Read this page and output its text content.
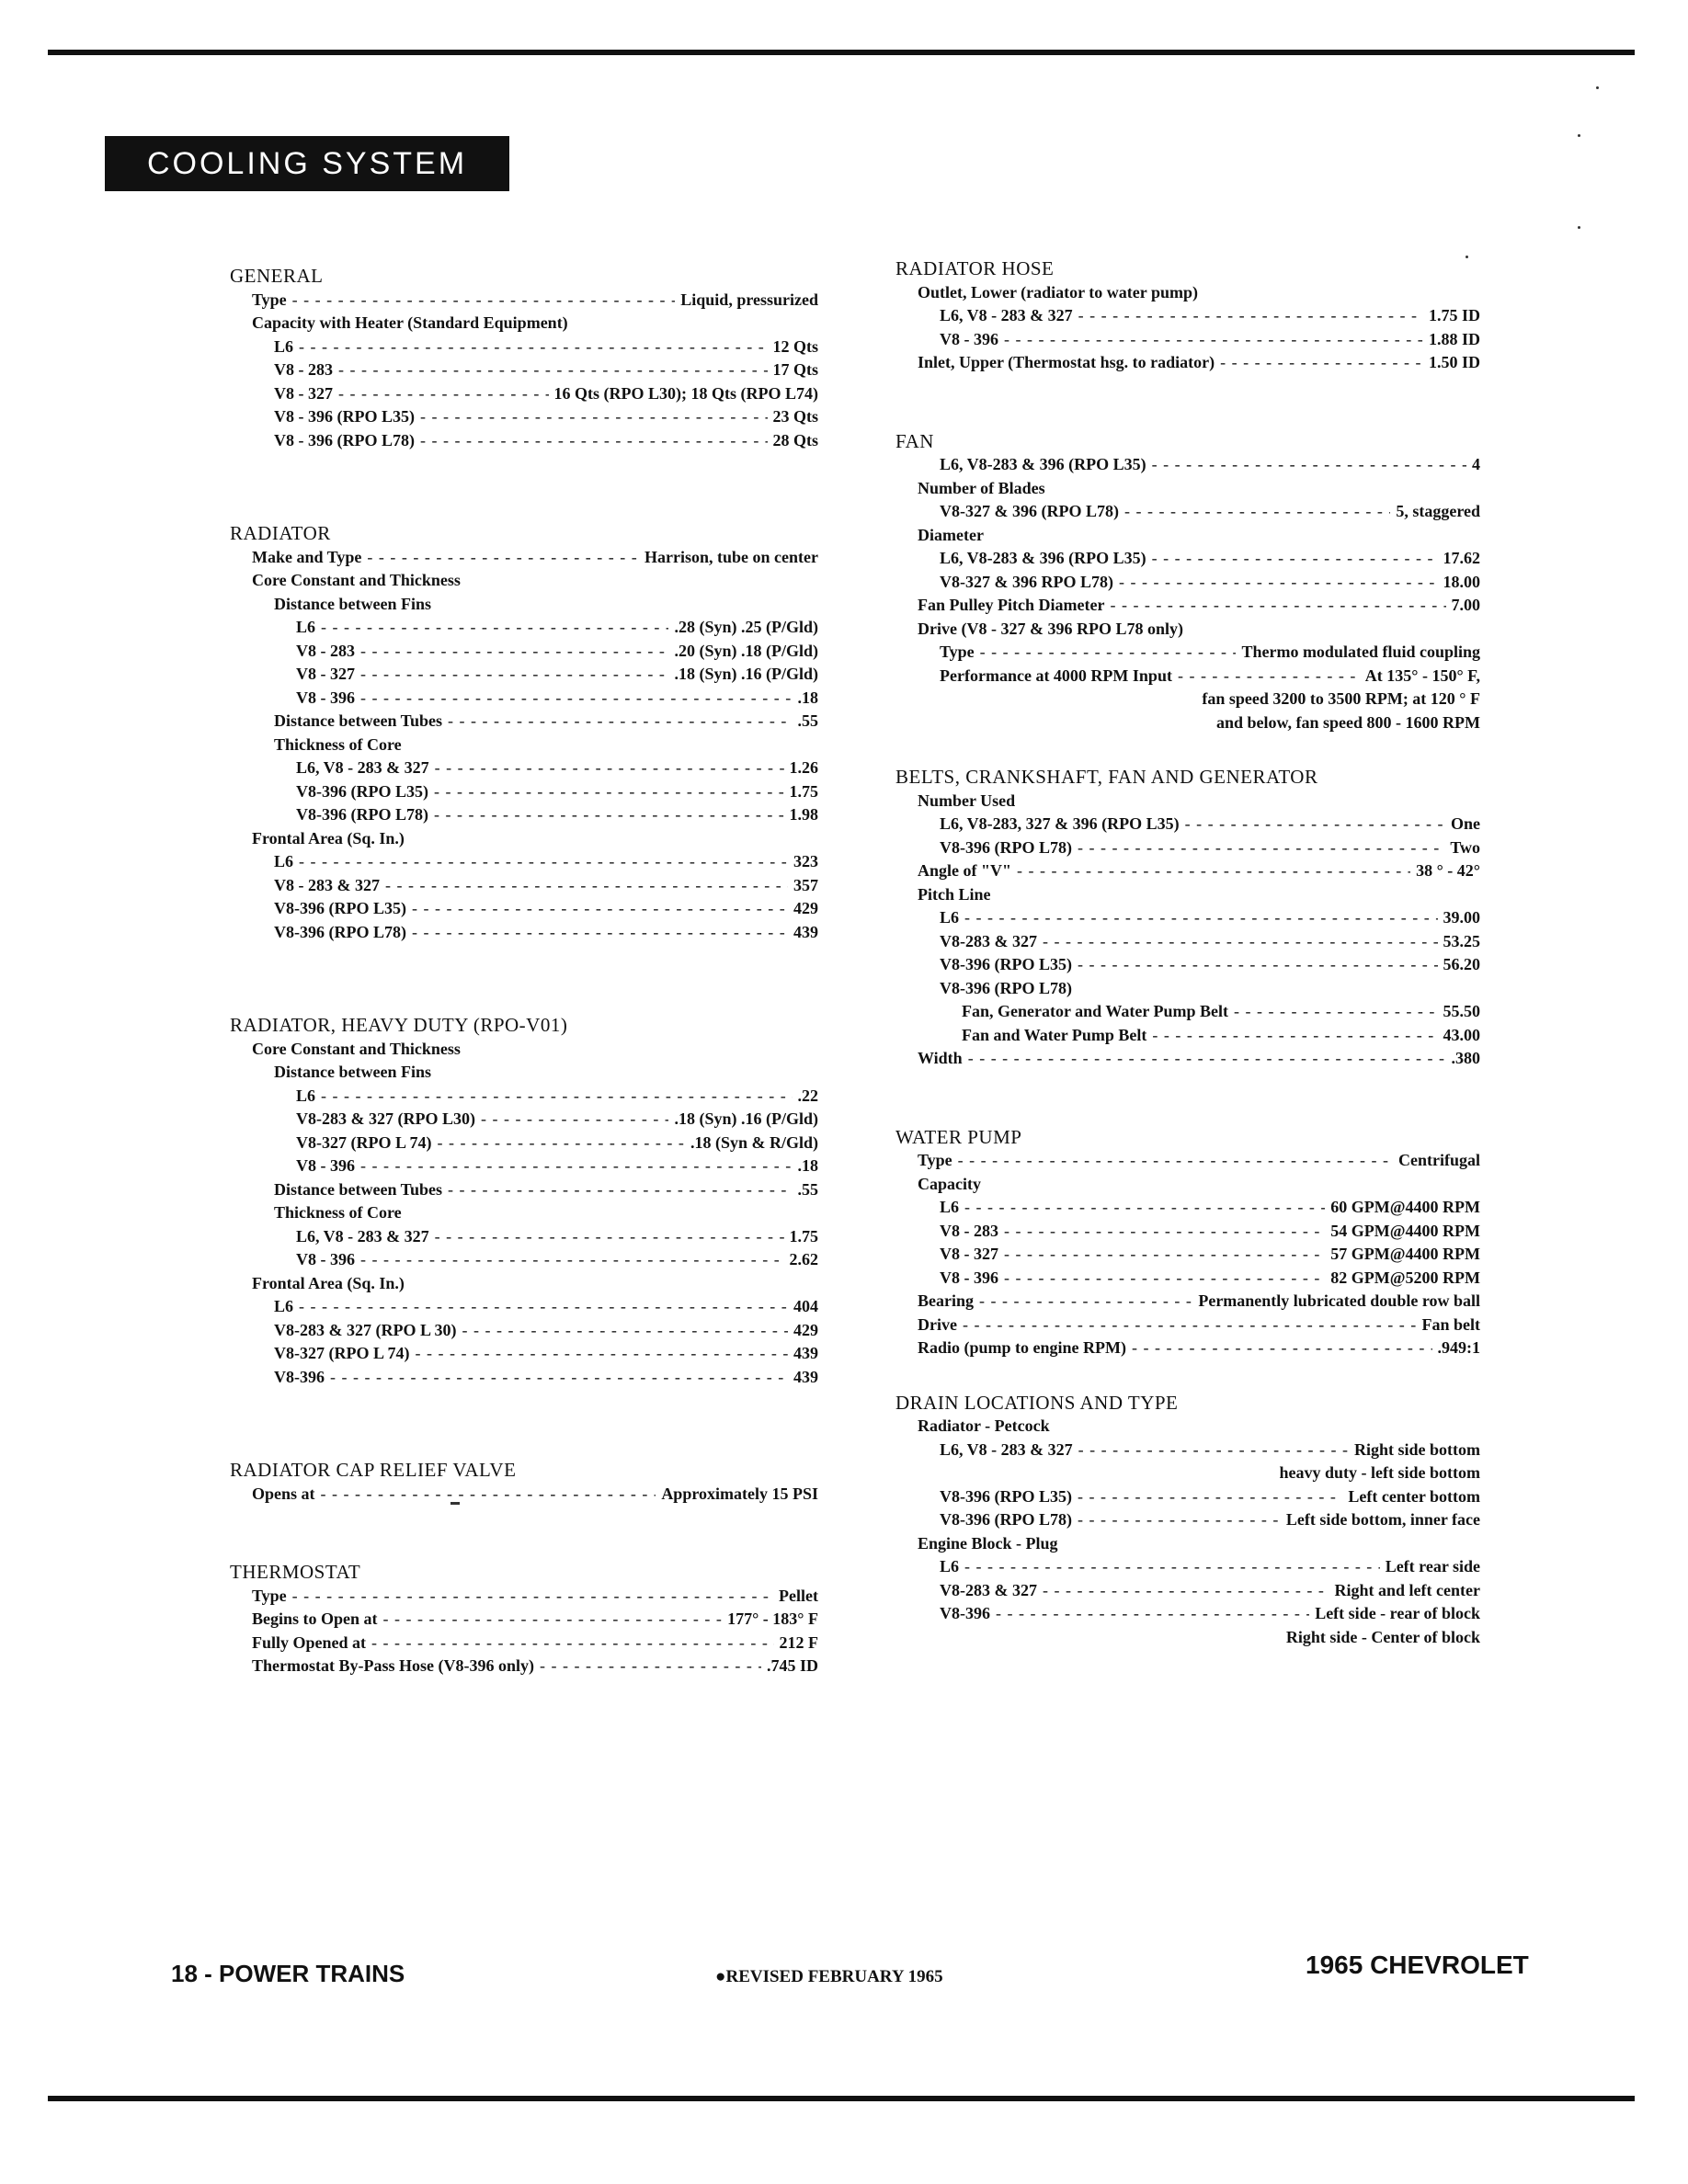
COOLING SYSTEM
GENERAL
Type - - -	Liquid, pressurized
Capacity with Heater (Standard Equipment)
L6 - - -	12 Qts
V8 - 283 - - -	17 Qts
V8 - 327 - - -	16 Qts (RPO L30); 18 Qts (RPO L74)
V8 - 396 (RPO L35) - - -	23 Qts
V8 - 396 (RPO L78) - - -	28 Qts
RADIATOR
Make and Type - - -	Harrison, tube on center
Core Constant and Thickness
Distance between Fins
L6 - - -	.28 (Syn) .25 (P/Gld)
V8 - 283 - - -	.20 (Syn) .18 (P/Gld)
V8 - 327 - - -	.18 (Syn) .16 (P/Gld)
V8 - 396 - - -	.18
Distance between Tubes - - -	.55
Thickness of Core
L6, V8 - 283 & 327 - - -	1.26
V8-396 (RPO L35) - - -	1.75
V8-396 (RPO L78) - - -	1.98
Frontal Area (Sq. In.)
L6 - - -	323
V8 - 283 & 327 - - -	357
V8-396 (RPO L35) - - -	429
V8-396 (RPO L78) - - -	439
RADIATOR, HEAVY DUTY (RPO-V01)
Core Constant and Thickness
Distance between Fins
L6 - - -	.22
V8-283 & 327 (RPO L30) - - -	.18 (Syn) .16 (P/Gld)
V8-327 (RPO L 74) - - -	.18 (Syn & R/Gld)
V8 - 396 - - -	.18
Distance between Tubes - - -	.55
Thickness of Core
L6, V8 - 283 & 327 - - -	1.75
V8 - 396 - - -	2.62
Frontal Area (Sq. In.)
L6 - - -	404
V8-283 & 327 (RPO L 30) - - -	429
V8-327 (RPO L 74) - - -	439
V8-396 - - -	439
RADIATOR CAP RELIEF VALVE
Opens at - - -	Approximately 15 PSI
THERMOSTAT
Type - - -	Pellet
Begins to Open at - - -	177° - 183° F
Fully Opened at - - -	212 F
Thermostat By-Pass Hose (V8-396 only) - - -	.745 ID
RADIATOR HOSE
Outlet, Lower (radiator to water pump)
L6, V8 - 283 & 327 - - -	1.75 ID
V8 - 396 - - -	1.88 ID
Inlet, Upper (Thermostat hsg. to radiator) - - -	1.50 ID
FAN
L6, V8-283 & 396 (RPO L35) - - -	4
Number of Blades
V8-327 & 396 (RPO L78) - - -	5, staggered
Diameter
L6, V8-283 & 396 (RPO L35) - - -	17.62
V8-327 & 396 RPO L78) - - -	18.00
Fan Pulley Pitch Diameter - - -	7.00
Drive (V8 - 327 & 396 RPO L78 only)
Type - - -	Thermo modulated fluid coupling
Performance at 4000 RPM Input - - -	At 135° - 150° F,
fan speed 3200 to 3500 RPM; at 120 ° F
and below, fan speed 800 - 1600 RPM
BELTS, CRANKSHAFT, FAN AND GENERATOR
Number Used
L6, V8-283, 327 & 396 (RPO L35) - - -	One
V8-396 (RPO L78) - - -	Two
Angle of "V" - - -	38 ° - 42°
Pitch Line
L6 - - -	39.00
V8-283 & 327 - - -	53.25
V8-396 (RPO L35) - - -	56.20
V8-396 (RPO L78)
Fan, Generator and Water Pump Belt - - -	55.50
Fan and Water Pump Belt - - -	43.00
Width - - -	.380
WATER PUMP
Type - - -	Centrifugal
Capacity
L6 - - -	60 GPM@4400 RPM
V8 - 283 - - -	54 GPM@4400 RPM
V8 - 327 - - -	57 GPM@4400 RPM
V8 - 396 - - -	82 GPM@5200 RPM
Bearing - - -	Permanently lubricated double row ball
Drive - - -	Fan belt
Radio (pump to engine RPM) - - -	.949:1
DRAIN LOCATIONS AND TYPE
Radiator - Petcock
L6, V8 - 283 & 327 - - -	Right side bottom
heavy duty - left side bottom
V8-396 (RPO L35) - - -	Left center bottom
V8-396 (RPO L78) - - -	Left side bottom, inner face
Engine Block - Plug
L6 - - -	Left rear side
V8-283 & 327 - - -	Right and left center
V8-396 - - -	Left side - rear of block
Right side - Center of block
18 - POWER TRAINS	●REVISED FEBRUARY 1965	1965 CHEVROLET
